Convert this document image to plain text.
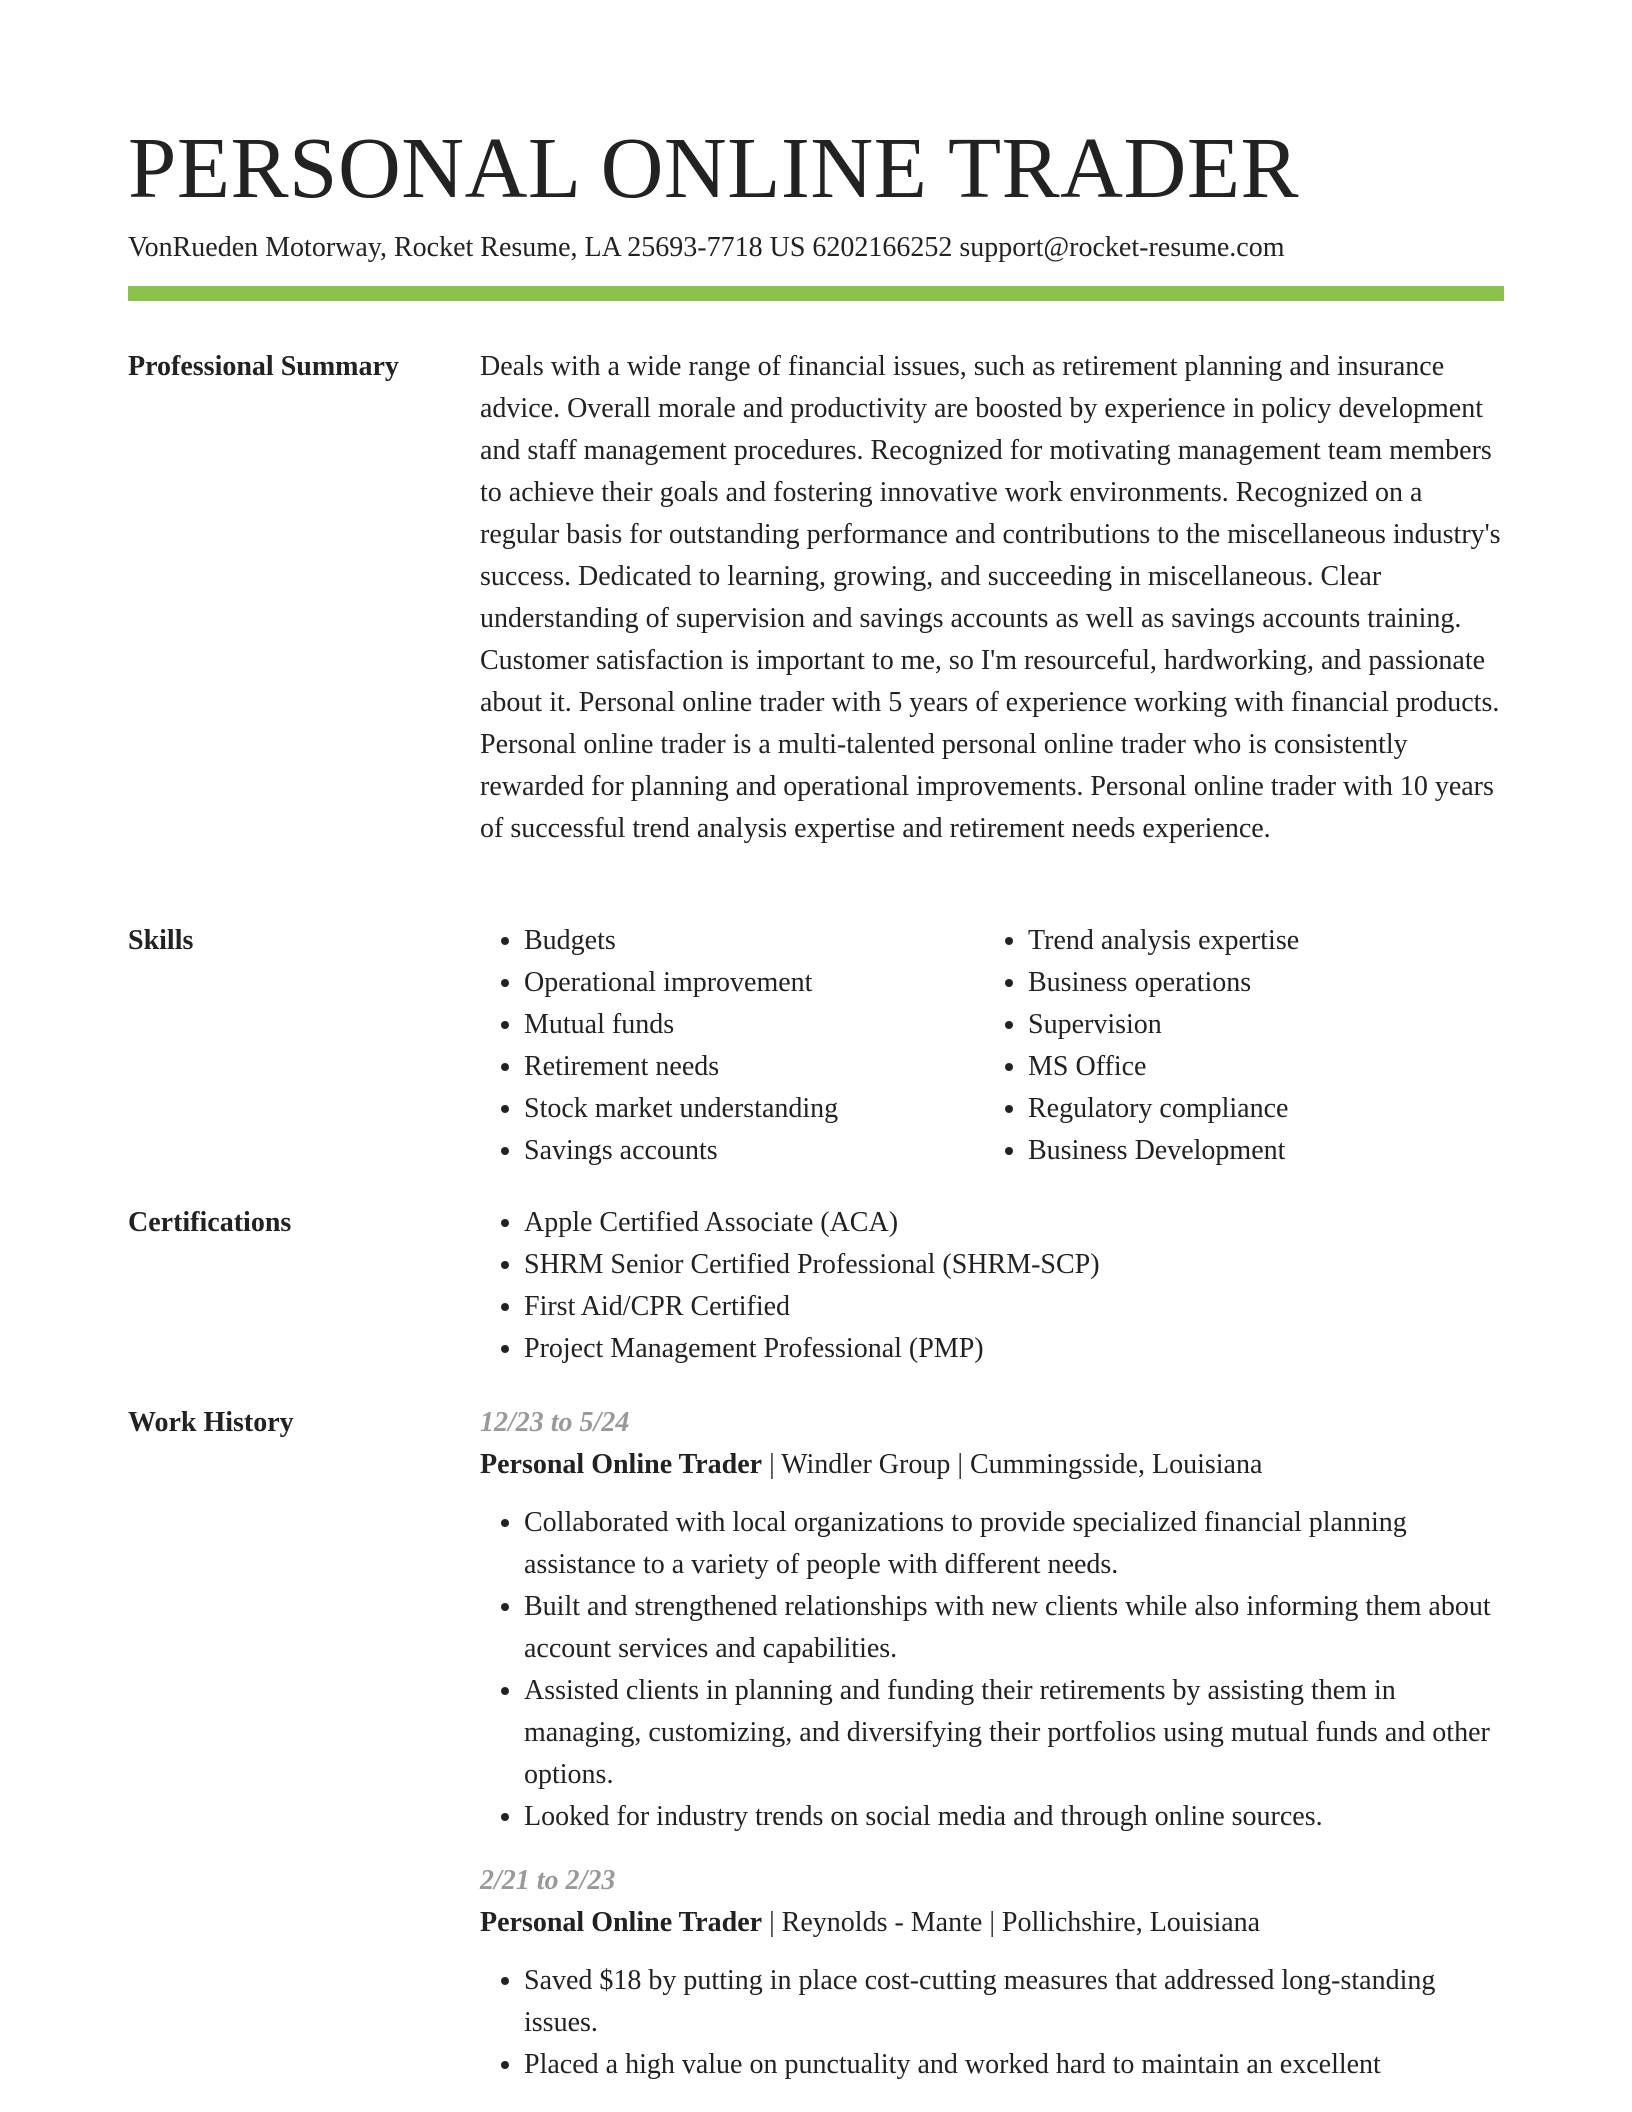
PERSONAL ONLINE TRADER
VonRueden Motorway, Rocket Resume, LA 25693-7718 US 6202166252 support@rocket-resume.com
Professional Summary	Deals with a wide range of financial issues, such as retirement planning and insurance advice. Overall morale and productivity are boosted by experience in policy development and staff management procedures. Recognized for motivating management team members to achieve their goals and fostering innovative work environments. Recognized on a regular basis for outstanding performance and contributions to the miscellaneous industry's success. Dedicated to learning, growing, and succeeding in miscellaneous. Clear understanding of supervision and savings accounts as well as savings accounts training. Customer satisfaction is important to me, so I'm resourceful, hardworking, and passionate about it. Personal online trader with 5 years of experience working with financial products. Personal online trader is a multi-talented personal online trader who is consistently rewarded for planning and operational improvements. Personal online trader with 10 years of successful trend analysis expertise and retirement needs experience.

Skills	• Budgets
• Operational improvement
• Mutual funds
• Retirement needs
• Stock market understanding
• Savings accounts
• Trend analysis expertise
• Business operations
• Supervision
• MS Office
• Regulatory compliance
• Business Development
Certifications	• Apple Certified Associate (ACA)
• SHRM Senior Certified Professional (SHRM-SCP)
• First Aid/CPR Certified
• Project Management Professional (PMP)
Work History	12/23 to 5/24
Personal Online Trader | Windler Group | Cummingsside, Louisiana
• Collaborated with local organizations to provide specialized financial planning assistance to a variety of people with different needs.
• Built and strengthened relationships with new clients while also informing them about account services and capabilities.
• Assisted clients in planning and funding their retirements by assisting them in managing, customizing, and diversifying their portfolios using mutual funds and other options.
• Looked for industry trends on social media and through online sources.
2/21 to 2/23
Personal Online Trader | Reynolds - Mante | Pollichshire, Louisiana
• Saved $18 by putting in place cost-cutting measures that addressed long-standing issues.
• Placed a high value on punctuality and worked hard to maintain an excellent
